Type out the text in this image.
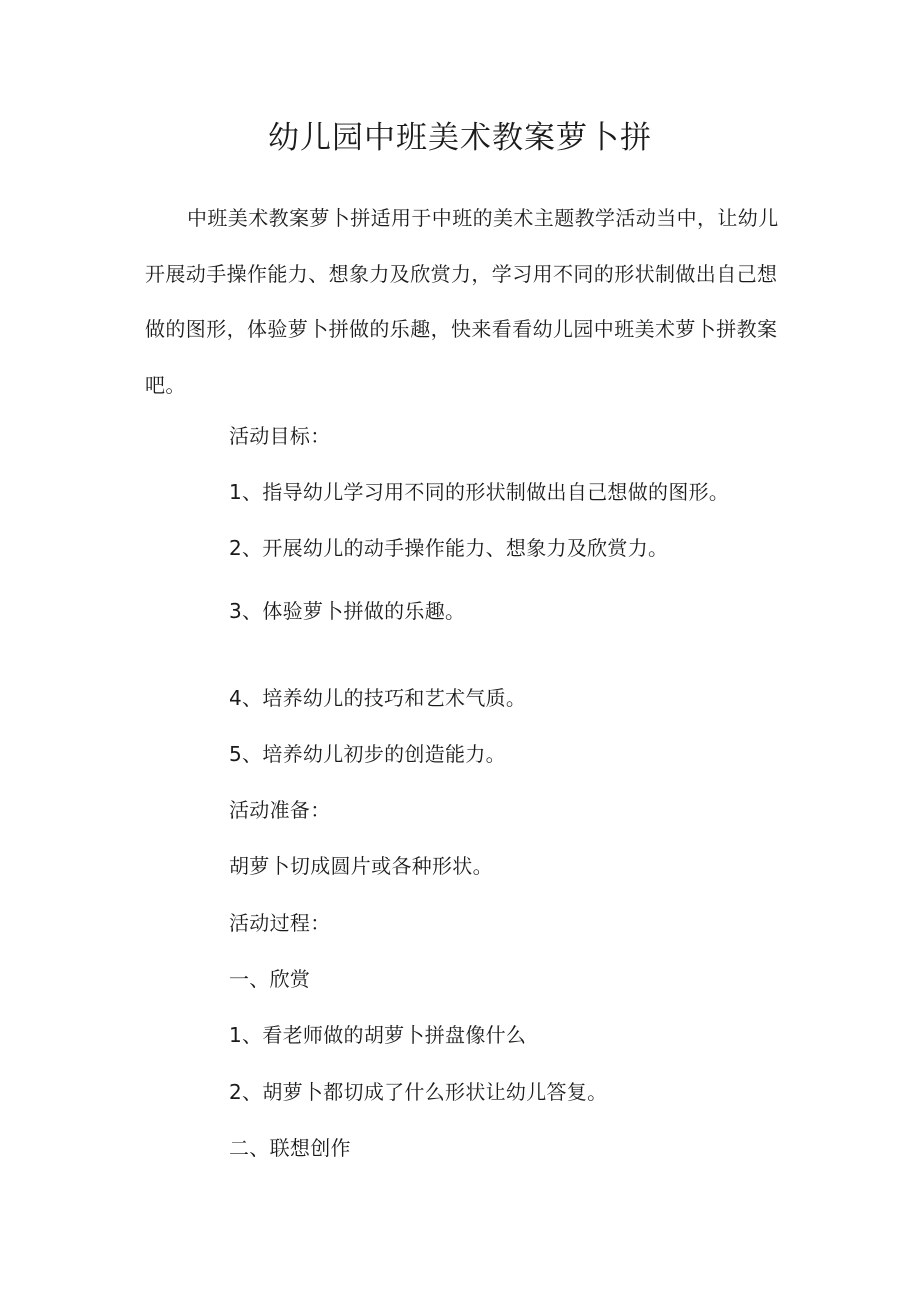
幼儿园中班美术教案萝卜拼

中班美术教案萝卜拼适用于中班的美术主题教学活动当中，让幼儿开展动手操作能力、想象力及欣赏力，学习用不同的形状制做出自己想做的图形，体验萝卜拼做的乐趣，快来看看幼儿园中班美术萝卜拼教案吧。

活动目标：

1、指导幼儿学习用不同的形状制做出自己想做的图形。

2、开展幼儿的动手操作能力、想象力及欣赏力。

3、体验萝卜拼做的乐趣。

4、培养幼儿的技巧和艺术气质。

5、培养幼儿初步的创造能力。

活动准备：

胡萝卜切成圆片或各种形状。

活动过程：

一、欣赏

1、看老师做的胡萝卜拼盘像什么

2、胡萝卜都切成了什么形状让幼儿答复。

二、联想创作
